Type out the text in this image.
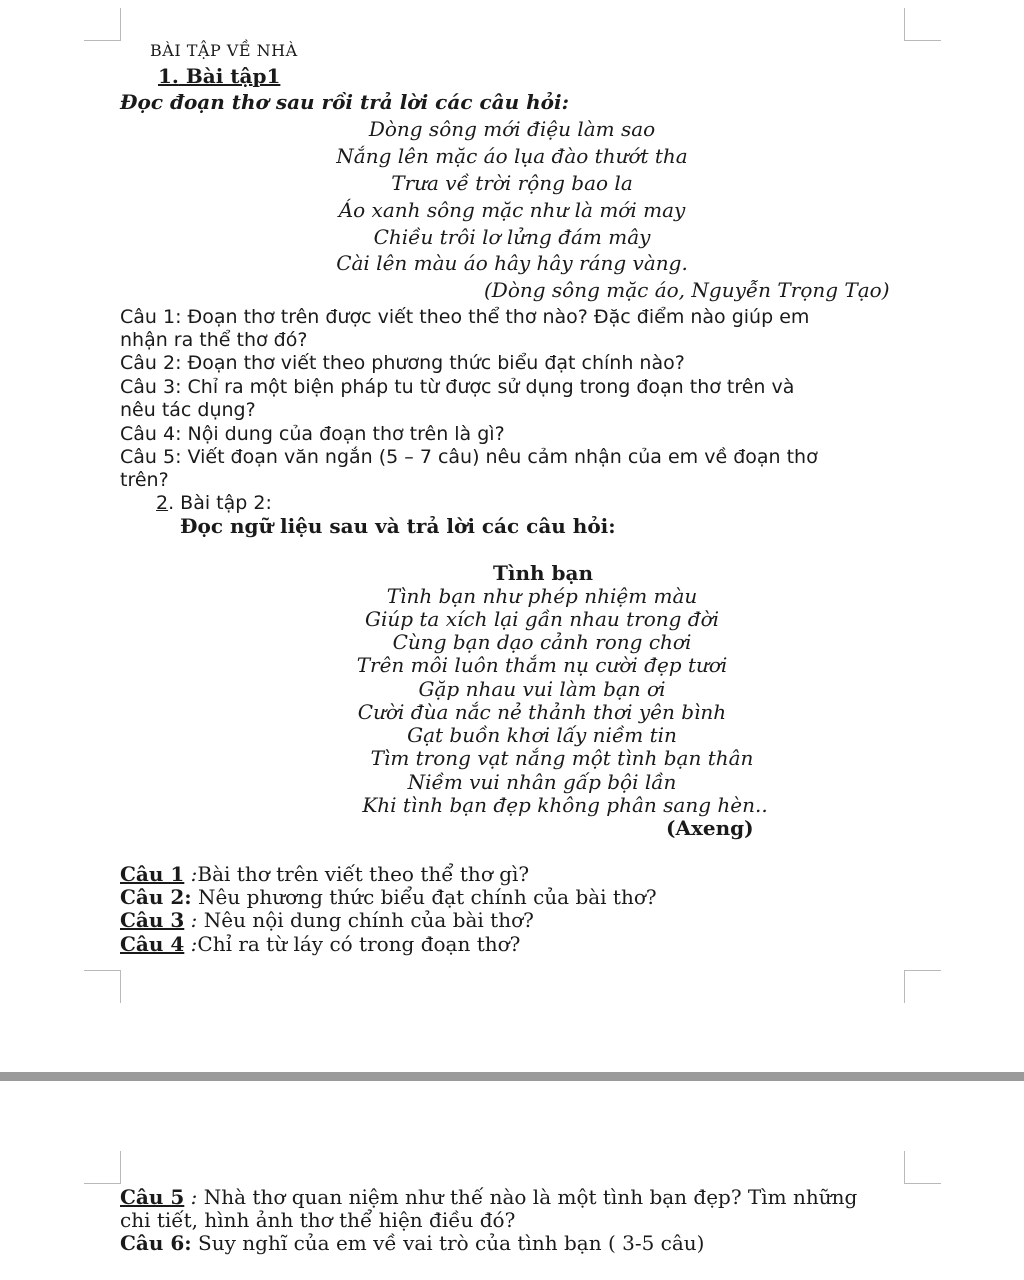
BÀI TẬP VỀ NHÀ
1. Bài tập1
Đọc đoạn thơ sau rồi trả lời các câu hỏi:
Dòng sông mới điệu làm sao
Nắng lên mặc áo lụa đào thướt tha
Trưa về trời rộng bao la
Áo xanh sông mặc như là mới may
Chiều trôi lơ lửng đám mây
Cài lên màu áo hây hây ráng vàng.
(Dòng sông mặc áo, Nguyễn Trọng Tạo)
Câu 1: Đoạn thơ trên được viết theo thể thơ nào? Đặc điểm nào giúp em
nhận ra thể thơ đó?
Câu 2: Đoạn thơ viết theo phương thức biểu đạt chính nào?
Câu 3: Chỉ ra một biện pháp tu từ được sử dụng trong đoạn thơ trên và
nêu tác dụng?
Câu 4: Nội dung của đoạn thơ trên là gì?
Câu 5: Viết đoạn văn ngắn (5 – 7 câu) nêu cảm nhận của em về đoạn thơ
trên?
2. Bài tập 2:
Đọc ngữ liệu sau và trả lời các câu hỏi:
Tình bạn
Tình bạn như phép nhiệm màu
Giúp ta xích lại gần nhau trong đời
Cùng bạn dạo cảnh rong chơi
Trên môi luôn thắm nụ cười đẹp tươi
Gặp nhau vui làm bạn ơi
Cười đùa nắc nẻ thảnh thơi yên bình
Gạt buồn khơi lấy niềm tin
Tìm trong vạt nắng một tình bạn thân
Niềm vui nhân gấp bội lần
Khi tình bạn đẹp không phân sang hèn..
(Axeng)
Câu 1 :Bài thơ trên viết theo thể thơ gì?
Câu 2: Nêu phương thức biểu đạt chính của bài thơ?
Câu 3 : Nêu nội dung chính của bài thơ?
Câu 4 :Chỉ ra từ láy có trong đoạn thơ?
Câu 5 : Nhà thơ quan niệm như thế nào là một tình bạn đẹp? Tìm những
chi tiết, hình ảnh thơ thể hiện điều đó?
Câu 6: Suy nghĩ của em về vai trò của tình bạn ( 3-5 câu)
